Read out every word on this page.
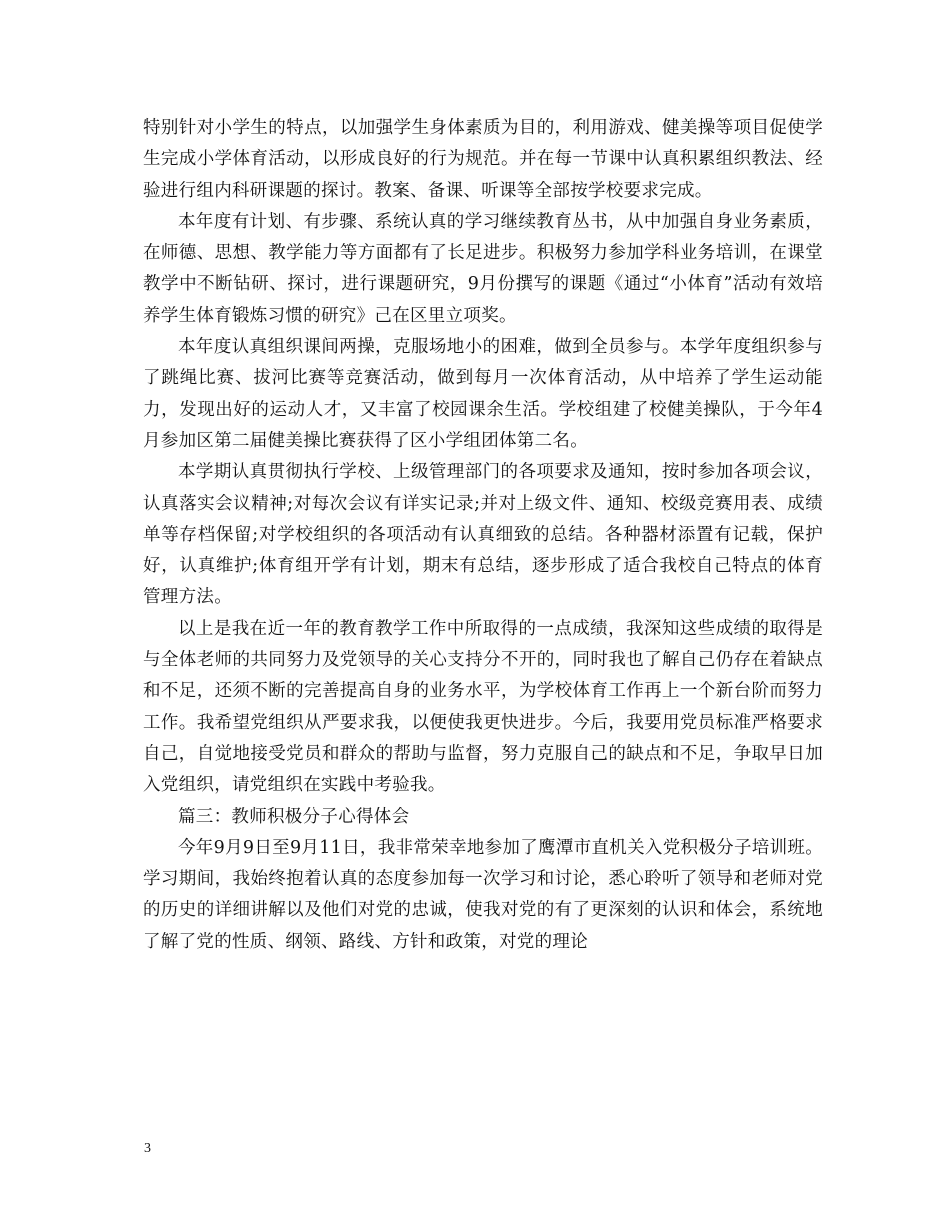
特别针对小学生的特点，以加强学生身体素质为目的，利用游戏、健美操等项目促使学生完成小学体育活动，以形成良好的行为规范。并在每一节课中认真积累组织教法、经验进行组内科研课题的探讨。教案、备课、听课等全部按学校要求完成。

本年度有计划、有步骤、系统认真的学习继续教育丛书，从中加强自身业务素质，在师德、思想、教学能力等方面都有了长足进步。积极努力参加学科业务培训，在课堂教学中不断钻研、探讨，进行课题研究，9月份撰写的课题《通过“小体育”活动有效培养学生体育锻炼习惯的研究》己在区里立项奖。

本年度认真组织课间两操，克服场地小的困难，做到全员参与。本学年度组织参与了跳绳比赛、拔河比赛等竞赛活动，做到每月一次体育活动，从中培养了学生运动能力，发现出好的运动人才，又丰富了校园课余生活。学校组建了校健美操队，于今年4月参加区第二届健美操比赛获得了区小学组团体第二名。

本学期认真贯彻执行学校、上级管理部门的各项要求及通知，按时参加各项会议，认真落实会议精神;对每次会议有详实记录;并对上级文件、通知、校级竞赛用表、成绩单等存档保留;对学校组织的各项活动有认真细致的总结。各种器材添置有记载，保护好，认真维护;体育组开学有计划，期末有总结，逐步形成了适合我校自己特点的体育管理方法。

以上是我在近一年的教育教学工作中所取得的一点成绩，我深知这些成绩的取得是与全体老师的共同努力及党领导的关心支持分不开的，同时我也了解自己仍存在着缺点和不足，还须不断的完善提高自身的业务水平，为学校体育工作再上一个新台阶而努力工作。我希望党组织从严要求我，以便使我更快进步。今后，我要用党员标准严格要求自己，自觉地接受党员和群众的帮助与监督，努力克服自己的缺点和不足，争取早日加入党组织，请党组织在实践中考验我。

篇三：教师积极分子心得体会

今年9月9日至9月11日，我非常荣幸地参加了鹰潭市直机关入党积极分子培训班。学习期间，我始终抱着认真的态度参加每一次学习和讨论，悉心聆听了领导和老师对党的历史的详细讲解以及他们对党的忠诚，使我对党的有了更深刻的认识和体会，系统地了解了党的性质、纲领、路线、方针和政策，对党的理论

3
